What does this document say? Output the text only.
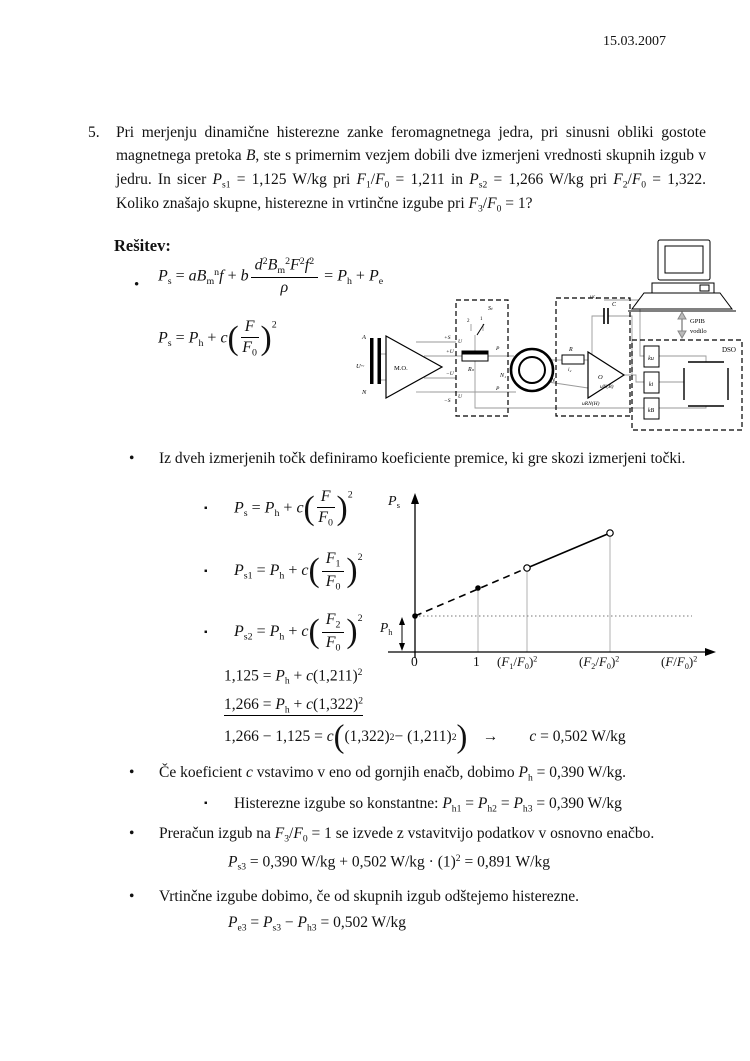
15.03.2007
5.	Pri merjenju dinamične histerezne zanke feromagnetnega jedra, pri sinusni obliki gostote magnetnega pretoka B, ste s primernim vezjem dobili dve izmerjeni vrednosti skupnih izgub v jedru. In sicer $P_{s1} = 1,125$ W/kg pri $F_1/F_0 = 1,211$ in $P_{s2} = 1,266$ W/kg pri $F_2/F_0 = 1,322$. Koliko znašajo skupne, histerezne in vrtinčne izgube pri $F_3/F_0 = 1$?
Rešitev:
•
$P_s = aB_m^nf + b \frac{d^2B_m^2F^2f^2}{\rho} = P_h + P_e$
$P_s = P_h + c$ ( $\frac{F}{F_0}$
) $^2$
A
U~
N
M.O.
+S
+U
−U
−S
Sₜ
2 1
U
U
Rₙ
P
P
N₁
N₂
R
C
O
i₂
uc₂
uN(B)
uRN(H)
ku
ki
kB
DSO
GPIB
vodilo
• Iz dveh izmerjenih točk definiramo koeficiente premice, ki gre skozi izmerjeni točki.
▪ $P_s = P_h + c$ ( $\frac{F}{F_0}$
) $^2$
▪ $P_{s1} = P_h + c$ ( $\frac{F_1}{F_0}$
) $^2$
▪ $P_{s2} = P_h + c$ ( $\frac{F_2}{F_0}$
) $^2$
$P_s$
$P_h$
0	1 $(F_1/F_0)^2$	$(F_2/F_0)^2$	$(F/F_0)^2$
$1,125 = P_h + c(1,211)^2$
$1,266 = P_h + c(1,322)^2$
1,266 − 1,125 = c ( (1,322) 2 − (1,211) 2
)  →  c = 0,502 W/kg
• Če koeficient c vstavimo v eno od gornjih enačb, dobimo $P_h = 0,390$ W/kg.
▪ Histerezne izgube so konstantne: $P_{h1} = P_{h2} = P_{h3} = 0,390$ W/kg
• Preračun izgub na $F_3/F_0 = 1$ se izvede z vstavitvijo podatkov v osnovno enačbo.
$P_{s3} = 0,390$ W/kg + 0,502 $W/kg \cdot (1)^2 = 0,891$ W/kg
• Vrtinčne izgube dobimo, če od skupnih izgub odštejemo histerezne.
$P_{e3} = P_{s3} - P_{h3} = 0,502$ W/kg
